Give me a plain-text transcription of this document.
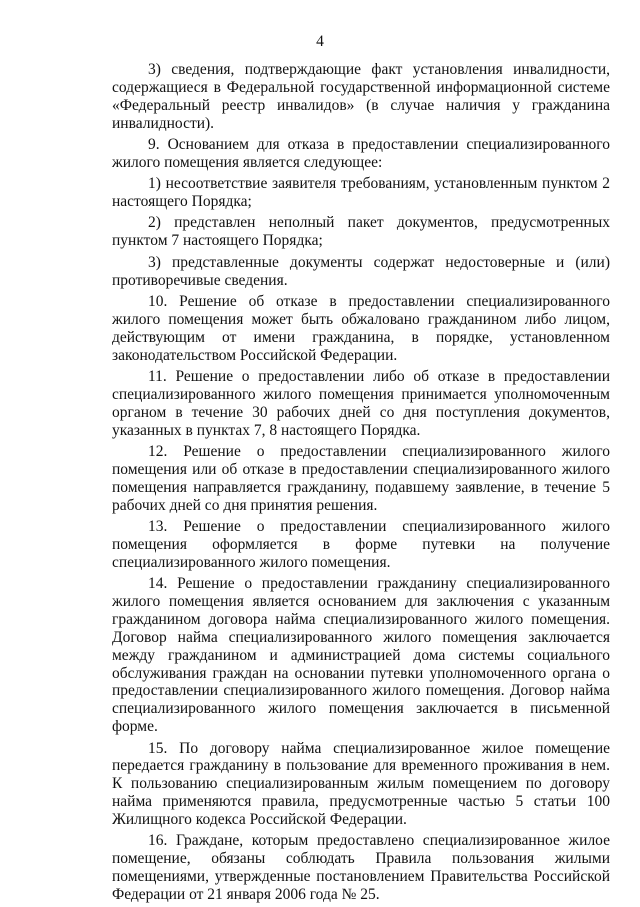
4

3) сведения, подтверждающие факт установления инвалидности, содержащиеся в Федеральной государственной информационной системе «Федеральный реестр инвалидов» (в случае наличия у гражданина инвалидности).

9. Основанием для отказа в предоставлении специализированного жилого помещения является следующее:

1) несоответствие заявителя требованиям, установленным пунктом 2 настоящего Порядка;

2) представлен неполный пакет документов, предусмотренных пунктом 7 настоящего Порядка;

3) представленные документы содержат недостоверные и (или) противоречивые сведения.

10. Решение об отказе в предоставлении специализированного жилого помещения может быть обжаловано гражданином либо лицом, действующим от имени гражданина, в порядке, установленном законодательством Российской Федерации.

11. Решение о предоставлении либо об отказе в предоставлении специализированного жилого помещения принимается уполномоченным органом в течение 30 рабочих дней со дня поступления документов, указанных в пунктах 7, 8 настоящего Порядка.

12. Решение о предоставлении специализированного жилого помещения или об отказе в предоставлении специализированного жилого помещения направляется гражданину, подавшему заявление, в течение 5 рабочих дней со дня принятия решения.

13. Решение о предоставлении специализированного жилого помещения оформляется в форме путевки на получение специализированного жилого помещения.

14. Решение о предоставлении гражданину специализированного жилого помещения является основанием для заключения с указанным гражданином договора найма специализированного жилого помещения. Договор найма специализированного жилого помещения заключается между гражданином и администрацией дома системы социального обслуживания граждан на основании путевки уполномоченного органа о предоставлении специализированного жилого помещения. Договор найма специализированного жилого помещения заключается в письменной форме.

15. По договору найма специализированное жилое помещение передается гражданину в пользование для временного проживания в нем. К пользованию специализированным жилым помещением по договору найма применяются правила, предусмотренные частью 5 статьи 100 Жилищного кодекса Российской Федерации.

16. Граждане, которым предоставлено специализированное жилое помещение, обязаны соблюдать Правила пользования жилыми помещениями, утвержденные постановлением Правительства Российской Федерации от 21 января 2006 года № 25.
